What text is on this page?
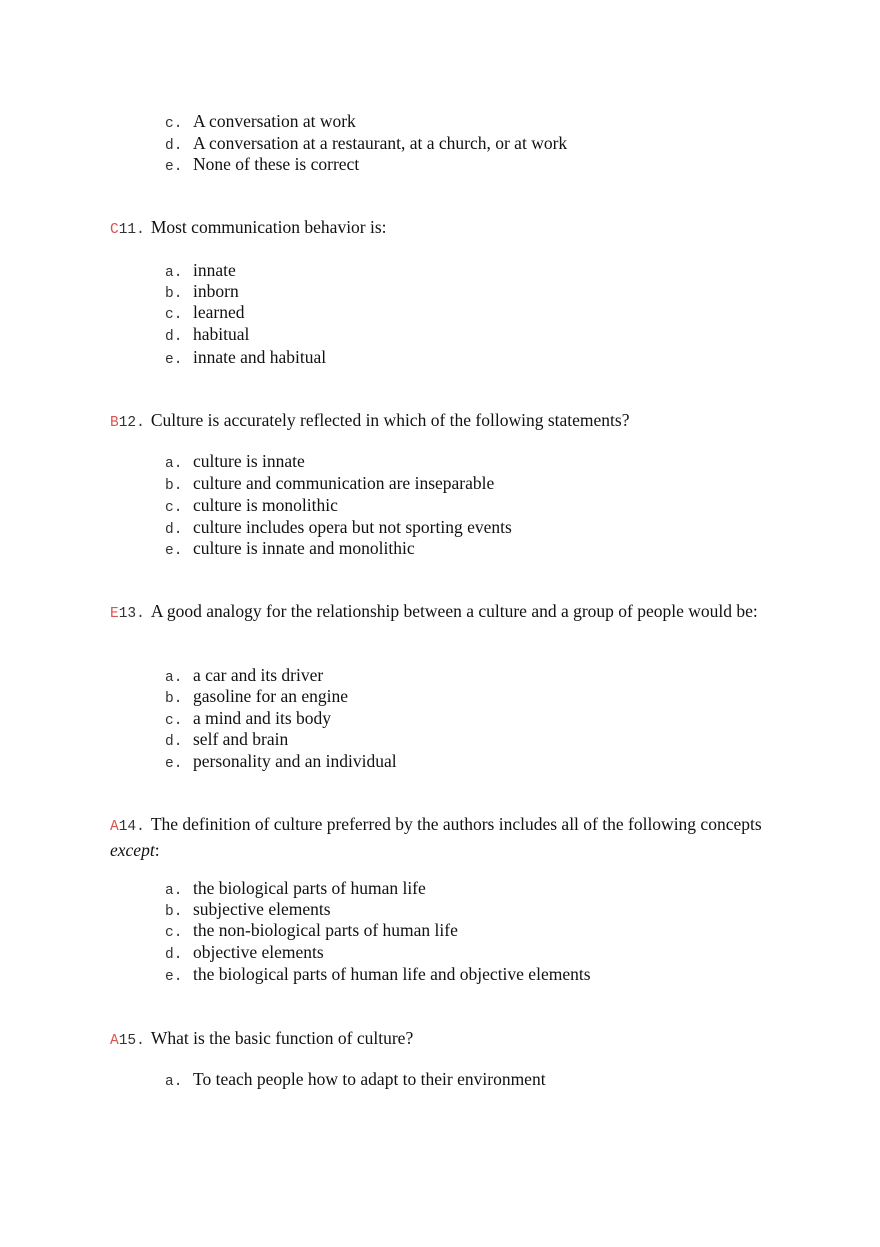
c. A conversation at work
d. A conversation at a restaurant, at a church, or at work
e. None of these is correct
C11. Most communication behavior is:
a. innate
b. inborn
c. learned
d. habitual
e. innate and habitual
B12. Culture is accurately reflected in which of the following statements?
a. culture is innate
b. culture and communication are inseparable
c. culture is monolithic
d. culture includes opera but not sporting events
e. culture is innate and monolithic
E13. A good analogy for the relationship between a culture and a group of people would be:
a. a car and its driver
b. gasoline for an engine
c. a mind and its body
d. self and brain
e. personality and an individual
A14. The definition of culture preferred by the authors includes all of the following concepts except:
a. the biological parts of human life
b. subjective elements
c. the non-biological parts of human life
d. objective elements
e. the biological parts of human life and objective elements
A15. What is the basic function of culture?
a. To teach people how to adapt to their environment
